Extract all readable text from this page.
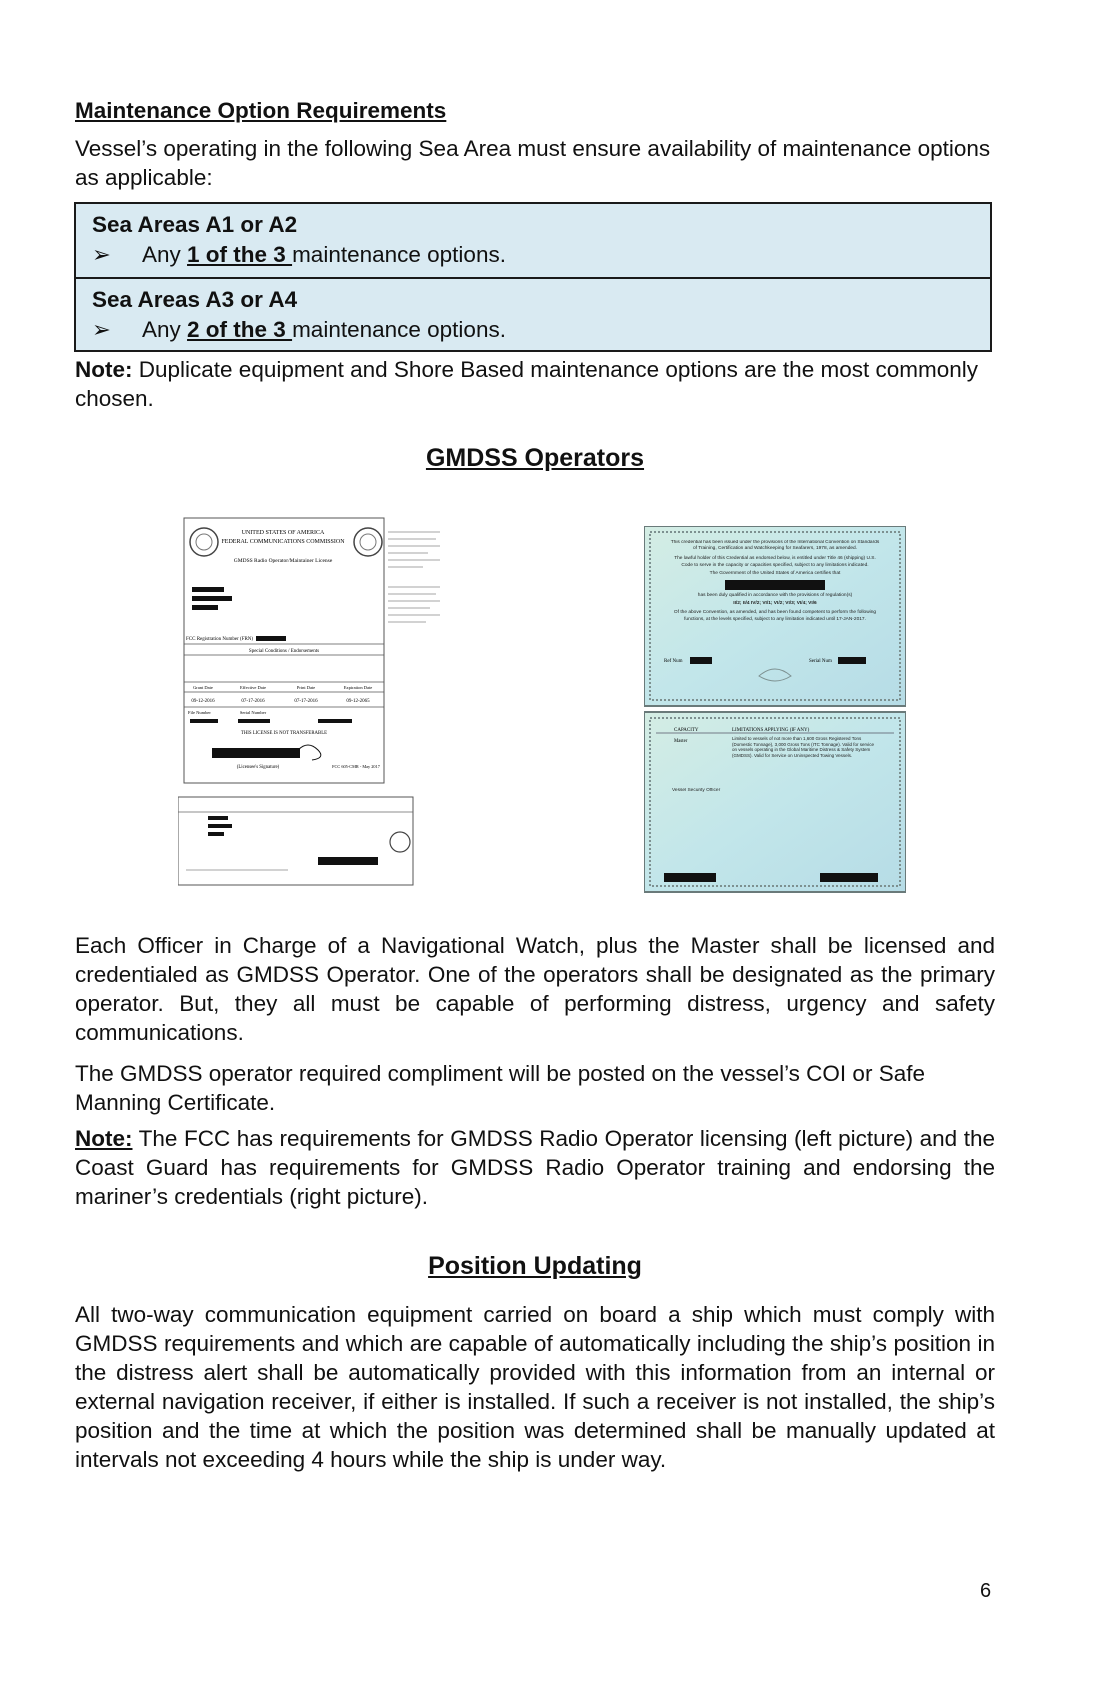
Maintenance Option Requirements

Vessel’s operating in the following Sea Area must ensure availability of maintenance options as applicable:

Sea Areas A1 or A2
➢ Any 1 of the 3 maintenance options.
Sea Areas A3 or A4
➢ Any 2 of the 3 maintenance options.

Note: Duplicate equipment and Shore Based maintenance options are the most commonly chosen.

GMDSS Operators
UNITED STATES OF AMERICA
FEDERAL COMMUNICATIONS COMMISSION
GMDSS Radio Operator/Maintainer License
FCC Registration Number (FRN)
Special Conditions / Endorsements
Grant Date	Effective Date	Print Date	Expiration Date
09-12-2016	07-17-2016	07-17-2016	09-12-2065
File Number	Serial Number
THIS LICENSE IS NOT TRANSFERABLE
(Licensee's Signature)	FCC 605-CMR - May 2017
This credential has been issued under the provisions of the International Convention on Standards of Training, Certification and Watchkeeping for Seafarers, 1978, as amended.
The lawful holder of this Credential as endorsed below, is entitled under Title 46 (shipping) U.S. Code to serve in the capacity or capacities specified, subject to any limitations indicated.
The Government of the United States of America certifies that
has been duly qualified in accordance with the provisions of regulation(s)
II/2; II/4 IV/2; VI/1; VI/2; VI/3; VI/4; VI/6
Of the above Convention, as amended, and has been found competent to perform the following functions, at the levels specified, subject to any limitation indicated until 17-JAN-2017.
Ref Num	Serial Num
CAPACITY	LIMITATIONS APPLYING (IF ANY)
Master
Limited to vessels of not more than 1,600 Gross Registered Tons (Domestic Tonnage), 3,000 Gross Tons (ITC Tonnage). Valid for service on vessels operating in the Global Maritime Distress & Safety System (GMDSS). Valid for Service on Uninspected Towing Vessels.
Vessel Security Officer

Each Officer in Charge of a Navigational Watch, plus the Master shall be licensed and credentialed as GMDSS Operator. One of the operators shall be designated as the primary operator. But, they all must be capable of performing distress, urgency and safety communications.

The GMDSS operator required compliment will be posted on the vessel’s COI or Safe Manning Certificate.

Note: The FCC has requirements for GMDSS Radio Operator licensing (left picture) and the Coast Guard has requirements for GMDSS Radio Operator training and endorsing the mariner’s credentials (right picture).

Position Updating

All two-way communication equipment carried on board a ship which must comply with GMDSS requirements and which are capable of automatically including the ship’s position in the distress alert shall be automatically provided with this information from an internal or external navigation receiver, if either is installed. If such a receiver is not installed, the ship’s position and the time at which the position was determined shall be manually updated at intervals not exceeding 4 hours while the ship is under way.

6
